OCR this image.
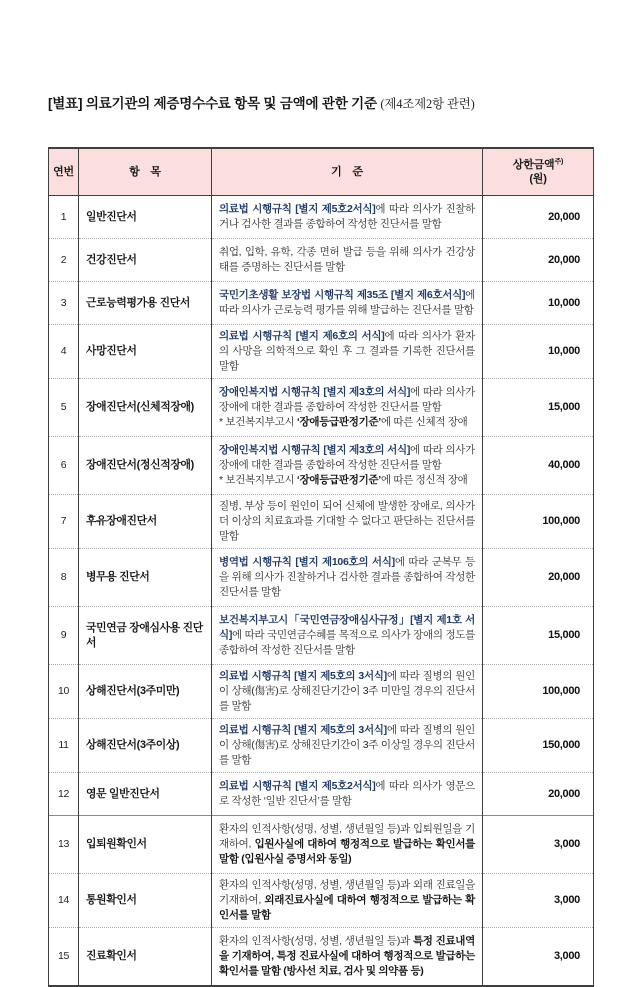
[별표] 의료기관의 제증명수수료 항목 및 금액에 관한 기준 (제4조제2항 관련)
연번	항　목	기　준	상한금액$^{주)}$
(원)
1	일반진단서	의료법 시행규칙 [별지 제5호2서식]에 따라 의사가 진찰하거나 검사한 결과를 종합하여 작성한 진단서를 말함	20,000
2	건강진단서	취업, 입학, 유학, 각종 면허 발급 등을 위해 의사가 건강상태를 증명하는 진단서를 말함	20,000
3	근로능력평가용 진단서	국민기초생활 보장법 시행규칙 제35조 [별지 제6호서식]에 따라 의사가 근로능력 평가를 위해 발급하는 진단서를 말함	10,000
4	사망진단서	의료법 시행규칙 [별지 제6호의 서식]에 따라 의사가 환자의 사망을 의학적으로 확인 후 그 결과를 기록한 진단서를 말함	10,000
5	장애진단서(신체적장애)	장애인복지법 시행규칙 [별지 제3호의 서식]에 따라 의사가 장애에 대한 결과를 종합하여 작성한 진단서를 말함
* 보건복지부고시 ‘장애등급판정기준’에 따른 신체적 장애	15,000
6	장애진단서(정신적장애)	장애인복지법 시행규칙 [별지 제3호의 서식]에 따라 의사가 장애에 대한 결과를 종합하여 작성한 진단서를 말함
* 보건복지부고시 ‘장애등급판정기준’에 따른 정신적 장애	40,000
7	후유장애진단서	질병, 부상 등이 원인이 되어 신체에 발생한 장애로, 의사가 더 이상의 치료효과를 기대할 수 없다고 판단하는 진단서를 말함	100,000
8	병무용 진단서	병역법 시행규칙 [별지 제106호의 서식]에 따라 군복무 등을 위해 의사가 진찰하거나 검사한 결과를 종합하여 작성한 진단서를 말함	20,000
9	국민연금 장애심사용 진단서	보건복지부고시「국민연금장애심사규정」[별지 제1호 서식]에 따라 국민연금수혜를 목적으로 의사가 장애의 정도를 종합하여 작성한 진단서를 말함	15,000
10	상해진단서(3주미만)	의료법 시행규칙 [별지 제5호의 3서식]에 따라 질병의 원인이 상해(傷害)로 상해진단기간이 3주 미만일 경우의 진단서를 말함	100,000
11	상해진단서(3주이상)	의료법 시행규칙 [별지 제5호의 3서식]에 따라 질병의 원인이 상해(傷害)로 상해진단기간이 3주 이상일 경우의 진단서를 말함	150,000
12	영문 일반진단서	의료법 시행규칙 [별지 제5호2서식]에 따라 의사가 영문으로 작성한 ‘일반 진단서’를 말함	20,000
13	입퇴원확인서	환자의 인적사항(성명, 성별, 생년월일 등)과 입퇴원일을 기재하여, 입원사실에 대하여 행정적으로 발급하는 확인서를 말함 (입원사실 증명서와 동일)	3,000
14	통원확인서	환자의 인적사항(성명, 성별, 생년월일 등)과 외래 진료일을 기재하여, 외래진료사실에 대하여 행정적으로 발급하는 확인서를 말함	3,000
15	진료확인서	환자의 인적사항(성명, 성별, 생년월일 등)과 특정 진료내역을 기재하여, 특정 진료사실에 대하여 행정적으로 발급하는 확인서를 말함 (방사선 치료, 검사 및 의약품 등)	3,000
